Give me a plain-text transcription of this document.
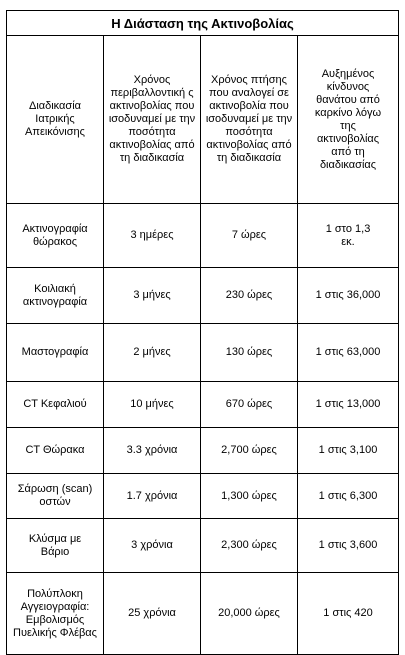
Η Διάσταση της Ακτινοβολίας			

Διαδικασία Ιατρικής Απεικόνισης	Χρόνος περιβαλλοντική ς ακτινοβολίας που ισοδυναμεί με την ποσότητα ακτινοβολίας από τη διαδικασία	Χρόνος πτήσης που αναλογεί σε ακτινοβολία που ισοδυναμεί με την ποσότητα ακτινοβολίας από τη διαδικασία	Αυξημένος κίνδυνος θανάτου από καρκίνο λόγω της ακτινοβολίας από τη διαδικασίας

Ακτινογραφία θώρακος	3 ημέρες	7 ώρες	1 στο 1,3 εκ.

Κοιλιακή ακτινογραφία	3 μήνες	230 ώρες	1 στις 36,000
Μαστογραφία	2 μήνες	130 ώρες	1 στις 63,000
CT Κεφαλιού	10 μήνες	670 ώρες	1 στις 13,000
CT Θώρακα	3.3 χρόνια	2,700 ώρες	1 στις 3,100
Σάρωση (scan) οστών	1.7 χρόνια	1,300 ώρες	1 στις 6,300

Κλύσμα με Βάριο	3 χρόνια	2,300 ώρες	1 στις 3,600
Πολύπλοκη Αγγειογραφία: Εμβολισμός Πυελικής Φλέβας	25 χρόνια	20,000 ώρες	1 στις 420
